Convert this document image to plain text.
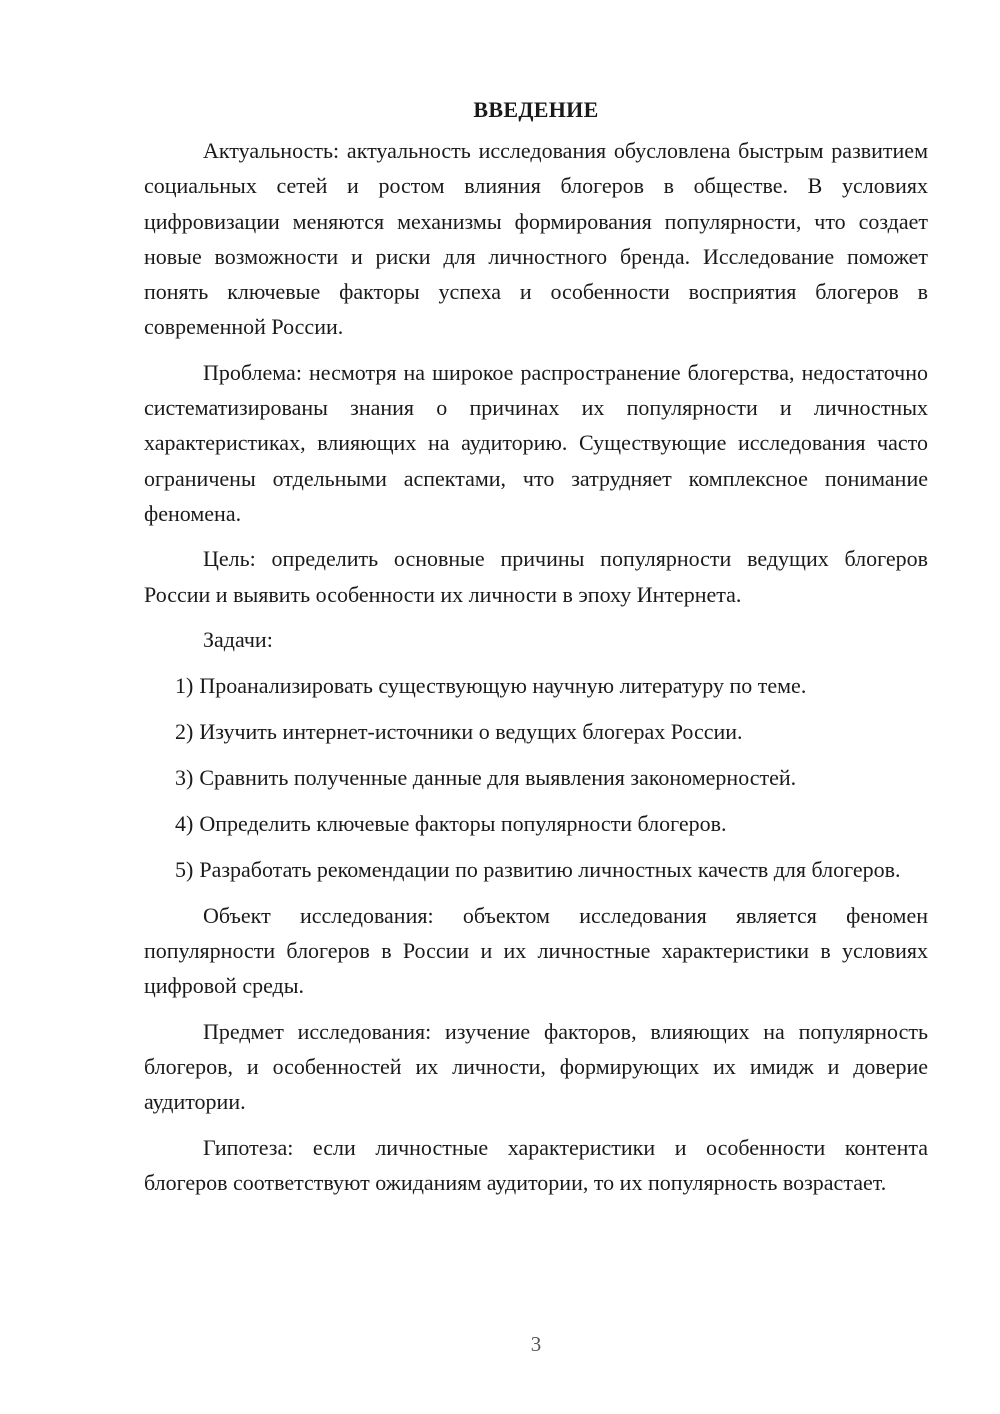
ВВЕДЕНИЕ

Актуальность: актуальность исследования обусловлена быстрым развитием социальных сетей и ростом влияния блогеров в обществе. В условиях цифровизации меняются механизмы формирования популярности, что создает новые возможности и риски для личностного бренда. Исследование поможет понять ключевые факторы успеха и особенности восприятия блогеров в современной России.

Проблема: несмотря на широкое распространение блогерства, недостаточно систематизированы знания о причинах их популярности и личностных характеристиках, влияющих на аудиторию. Существующие исследования часто ограничены отдельными аспектами, что затрудняет комплексное понимание феномена.

Цель: определить основные причины популярности ведущих блогеров России и выявить особенности их личности в эпоху Интернета.

Задачи:

1) Проанализировать существующую научную литературу по теме.

2) Изучить интернет-источники о ведущих блогерах России.

3) Сравнить полученные данные для выявления закономерностей.

4) Определить ключевые факторы популярности блогеров.

5) Разработать рекомендации по развитию личностных качеств для блогеров.

Объект исследования: объектом исследования является феномен популярности блогеров в России и их личностные характеристики в условиях цифровой среды.

Предмет исследования: изучение факторов, влияющих на популярность блогеров, и особенностей их личности, формирующих их имидж и доверие аудитории.

Гипотеза: если личностные характеристики и особенности контента блогеров соответствуют ожиданиям аудитории, то их популярность возрастает.

3
